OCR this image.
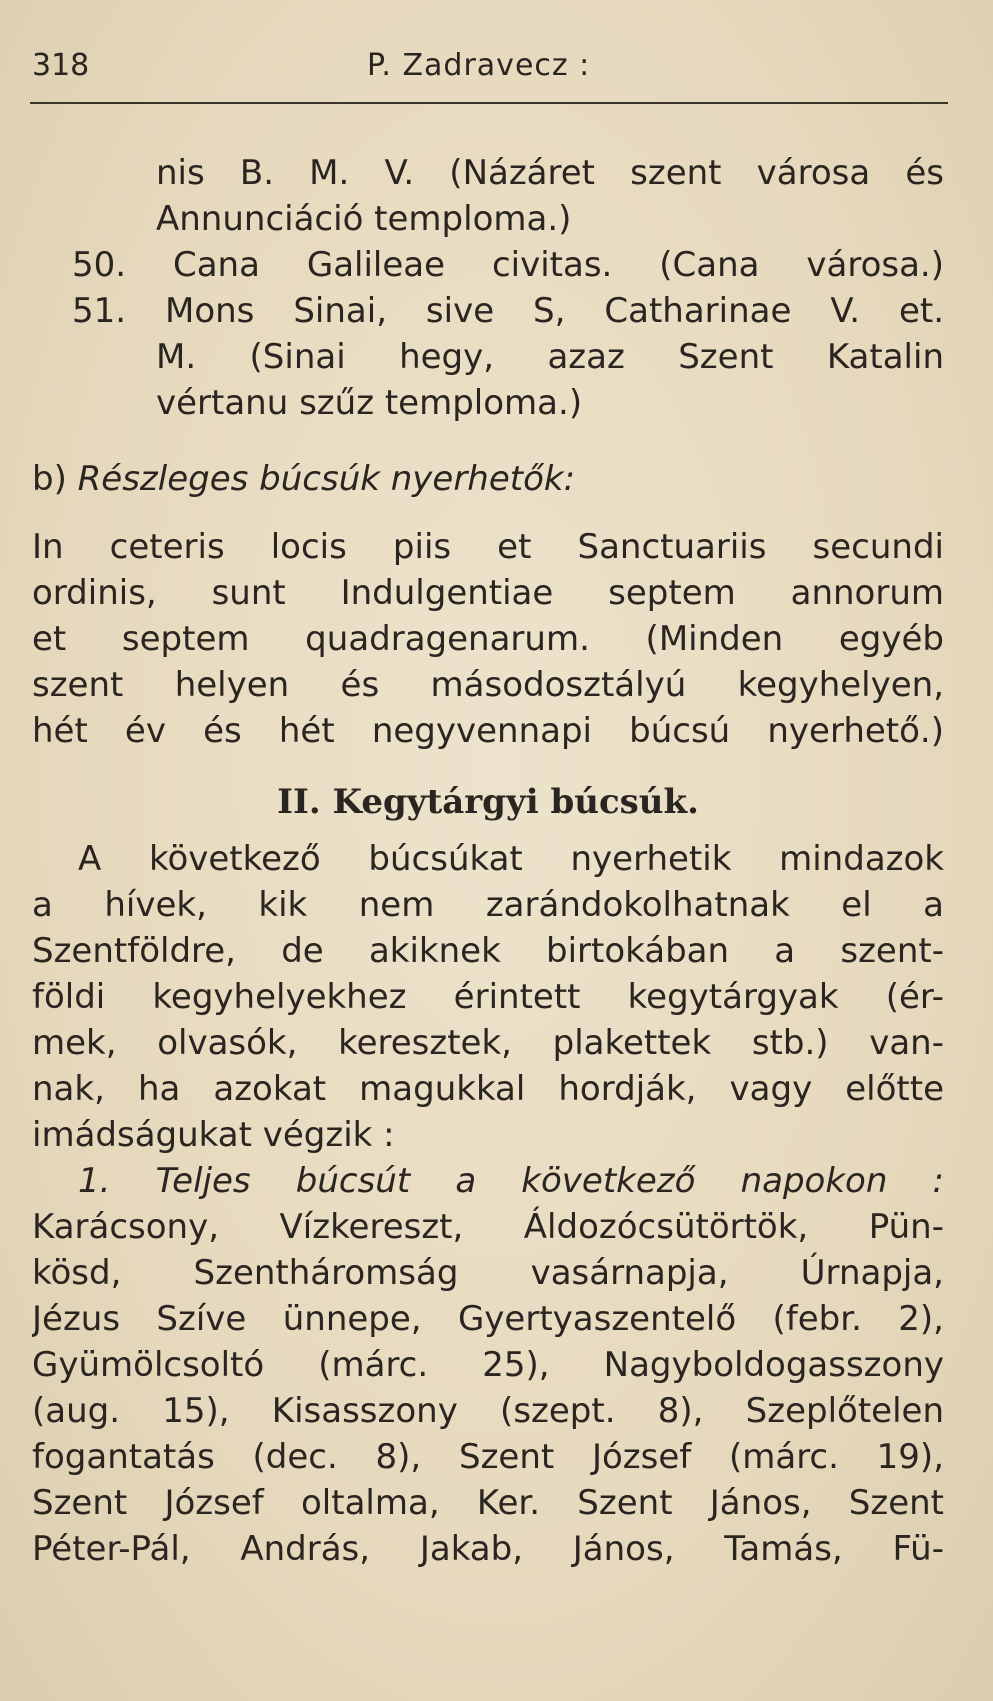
318	P. Zadravecz :
nis B. M. V. (Názáret szent városa és
Annunciáció temploma.)
50. Cana Galileae civitas. (Cana városa.)
51. Mons Sinai, sive S, Catharinae V. et.
M. (Sinai hegy, azaz Szent Katalin
vértanu szűz temploma.)
b) Részleges búcsúk nyerhetők:
In ceteris locis piis et Sanctuariis secundi
ordinis, sunt Indulgentiae septem annorum
et septem quadragenarum. (Minden egyéb
szent helyen és másodosztályú kegyhelyen,
hét év és hét negyvennapi búcsú nyerhető.)
II. Kegytárgyi búcsúk.
A következő búcsúkat nyerhetik mindazok
a hívek, kik nem zarándokolhatnak el a
Szentföldre, de akiknek birtokában a szent-
földi kegyhelyekhez érintett kegytárgyak (ér-
mek, olvasók, keresztek, plakettek stb.) van-
nak, ha azokat magukkal hordják, vagy előtte
imádságukat végzik :
1. Teljes búcsút a következő napokon :
Karácsony, Vízkereszt, Áldozócsütörtök, Pün-
kösd, Szentháromság vasárnapja, Úrnapja,
Jézus Szíve ünnepe, Gyertyaszentelő (febr. 2),
Gyümölcsoltó (márc. 25), Nagyboldogasszony
(aug. 15), Kisasszony (szept. 8), Szeplőtelen
fogantatás (dec. 8), Szent József (márc. 19),
Szent József oltalma, Ker. Szent János, Szent
Péter-Pál, András, Jakab, János, Tamás, Fü-
